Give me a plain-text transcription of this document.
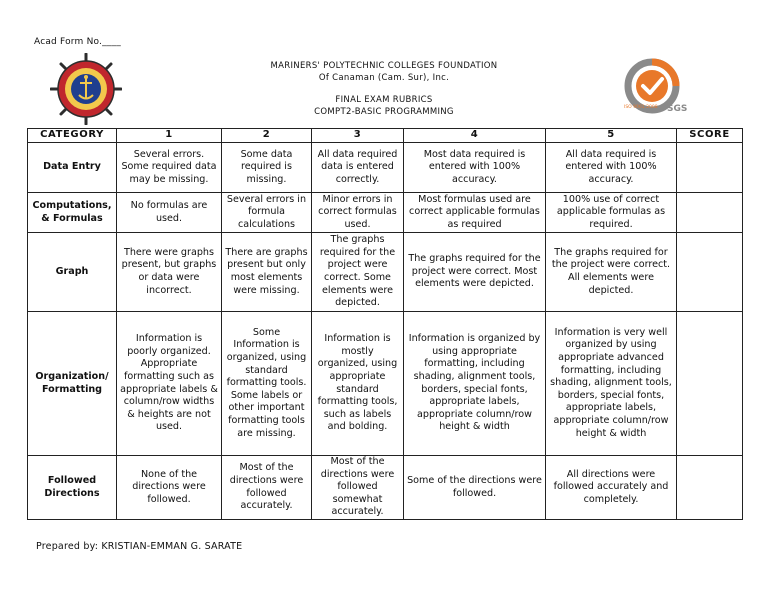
Acad Form No.____
SGS
ISO 9001:2008
MARINERS' POLYTECHNIC COLLEGES FOUNDATION
Of Canaman (Cam. Sur), Inc.
FINAL EXAM RUBRICS
COMPT2-BASIC PROGRAMMING
CATEGORY	1	2	3	4	5	SCORE
Data Entry	Several errors. Some required data may be missing.	Some data required is missing.	All data required data is entered correctly.	Most data required is entered with 100% accuracy.	All data required is entered with 100% accuracy.	
Computations, & Formulas	No formulas are used.	Several errors in formula calculations	Minor errors in correct formulas used.	Most formulas used are correct applicable formulas as required	100% use of correct applicable formulas as required.	
Graph	There were graphs present, but graphs or data were incorrect.	There are graphs present but only most elements were missing.	The graphs required for the project were correct. Some elements were depicted.	The graphs required for the project were correct. Most elements were depicted.	The graphs required for the project were correct. All elements were depicted.	
Organization/ Formatting	Information is poorly organized. Appropriate formatting such as appropriate labels & column/row widths & heights are not used.	Some Information is organized, using standard formatting tools. Some labels or other important formatting tools are missing.	Information is mostly organized, using appropriate standard formatting tools, such as labels and bolding.	Information is organized by using appropriate formatting, including shading, alignment tools, borders, special fonts, appropriate labels, appropriate column/row height & width	Information is very well organized by using appropriate advanced formatting, including shading, alignment tools, borders, special fonts, appropriate labels, appropriate column/row height & width	
Followed Directions	None of the directions were followed.	Most of the directions were followed accurately.	Most of the directions were followed somewhat accurately.	Some of the directions were followed.	All directions were followed accurately and completely.	
Prepared by: KRISTIAN-EMMAN G. SARATE
